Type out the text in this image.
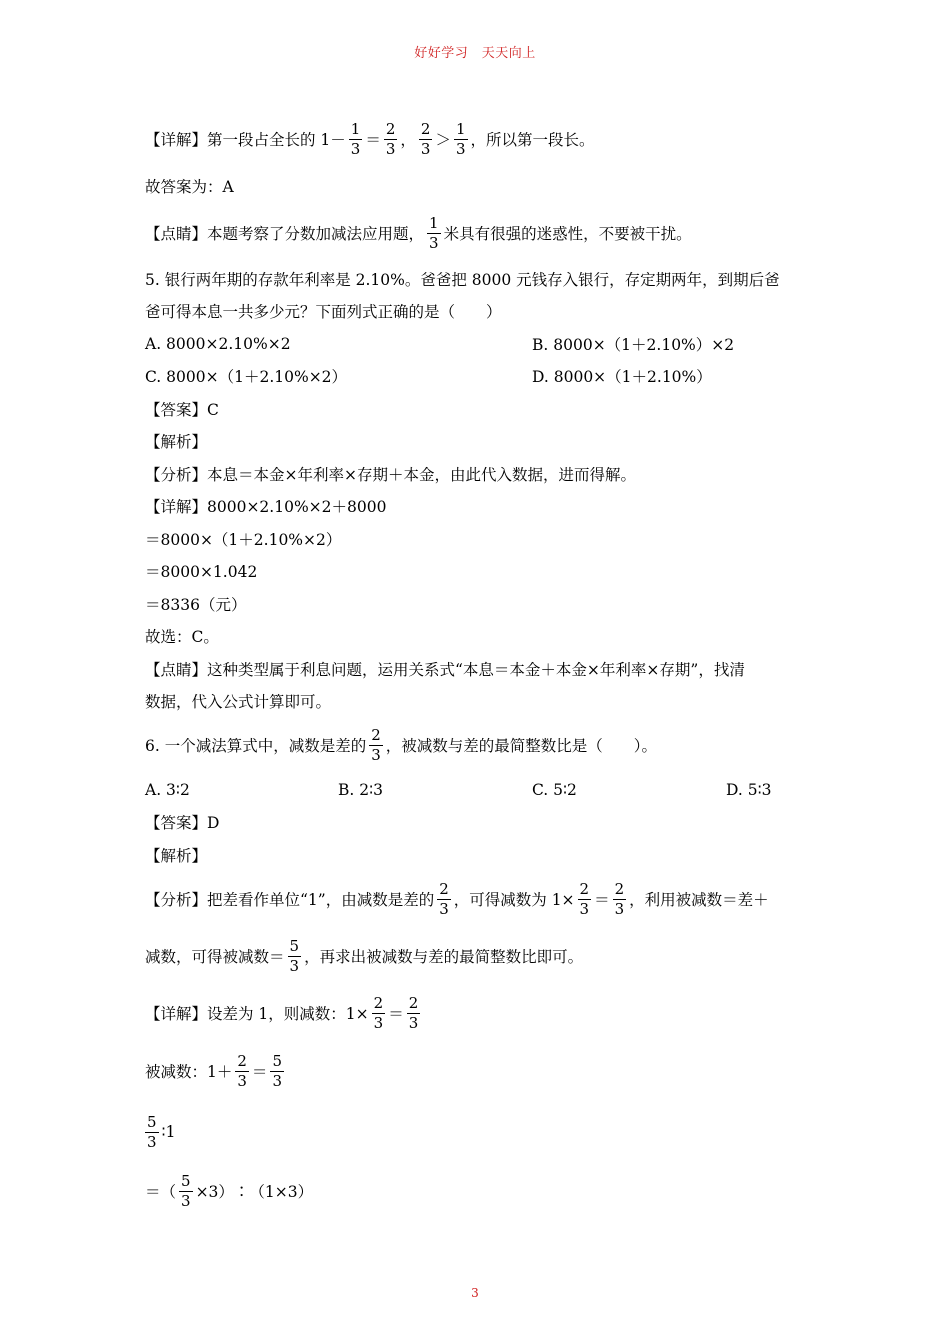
好好学习　天天向上
【详解】第一段占全长的 $1- \frac{1}{3} = \frac{2}{3}$ ， $\frac{2}{3} > \frac{1}{3}$ ，所以第一段长。
故答案为：A
【点睛】本题考察了分数加减法应用题， $\frac{1}{3}$ 米具有很强的迷惑性，不要被干扰。
5. 银行两年期的存款年利率是 2.10%。爸爸把 8000 元钱存入银行，存定期两年，到期后爸
爸可得本息一共多少元？下面列式正确的是（　　）
A. 8000×2.10%×2	B. 8000×（1＋2.10%）×2
C. 8000×（1＋2.10%×2）	D. 8000×（1＋2.10%）
【答案】C
【解析】
【分析】本息＝本金×年利率×存期＋本金，由此代入数据，进而得解。
【详解】8000×2.10%×2＋8000
＝8000×（1＋2.10%×2）
＝8000×1.042
＝8336（元）
故选：C。
【点睛】这种类型属于利息问题，运用关系式“本息＝本金＋本金×年利率×存期”，找清
数据，代入公式计算即可。
6. 一个减法算式中，减数是差的 $\frac{2}{3}$ ，被减数与差的最简整数比是（　　）。
A. 3∶2	B. 2∶3	C. 5∶2	D. 5∶3
【答案】D
【解析】
【分析】把差看作单位“1”，由减数是差的 $\frac{2}{3}$ ，可得减数为 $1\times \frac{2}{3} = \frac{2}{3}$ ，利用被减数＝差＋
减数，可得被减数＝ $\frac{5}{3}$ ，再求出被减数与差的最简整数比即可。
【详解】设差为 1，则减数：$1\times \frac{2}{3} = \frac{2}{3}$
被减数：$1+ \frac{2}{3} = \frac{5}{3}$
$\frac{5}{3}$ ∶1
＝（ $\frac{5}{3}$ ×3）∶（1×3）
3
